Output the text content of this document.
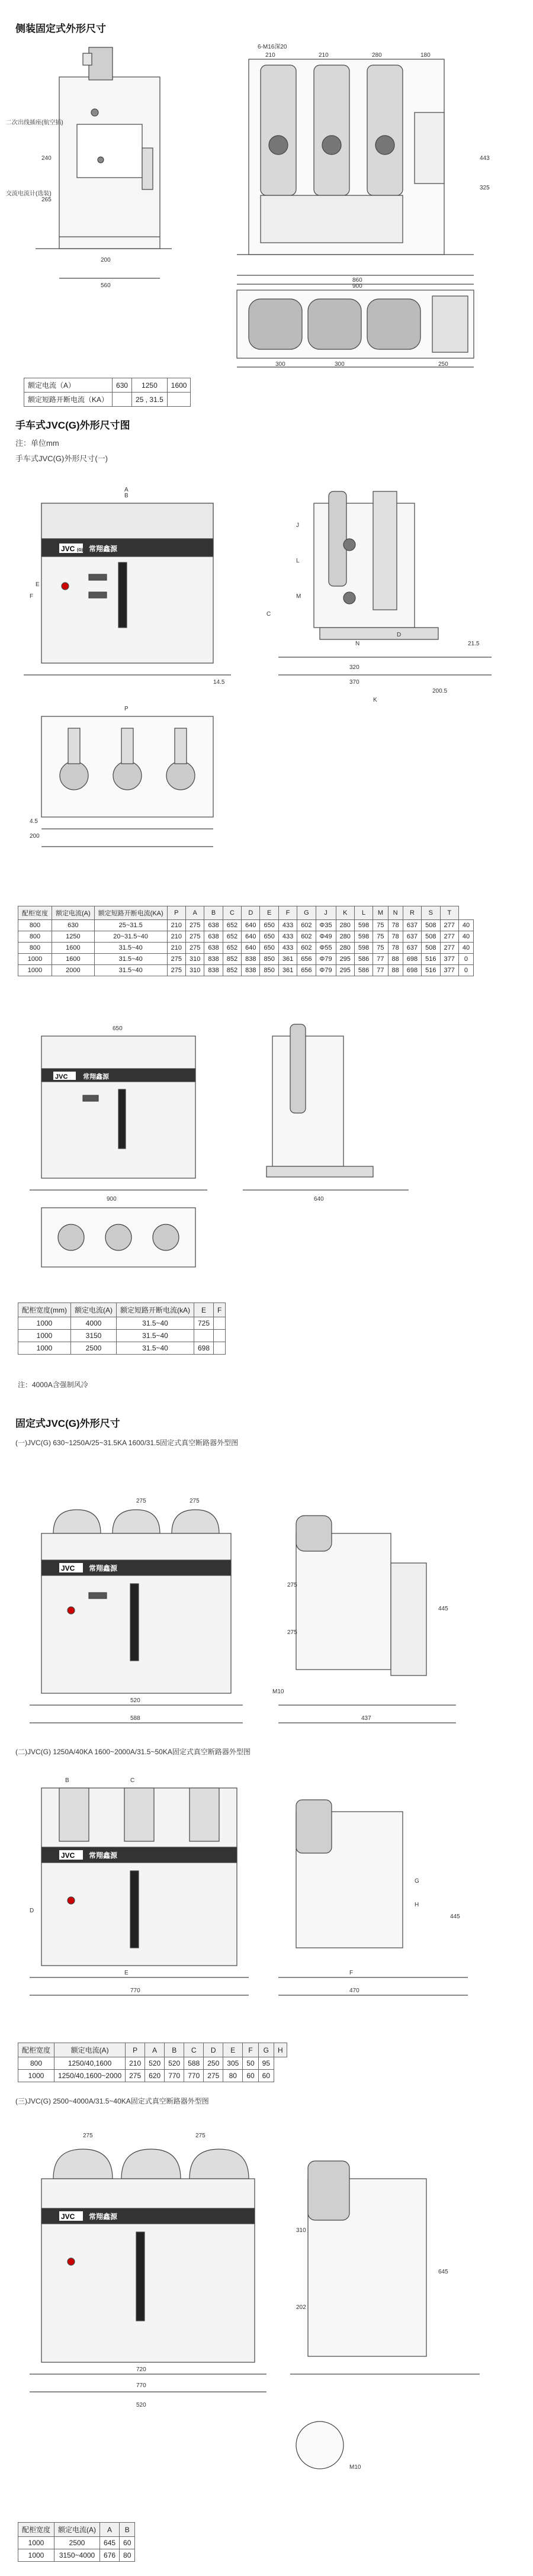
侧装固定式外形尺寸
210	210	280	180
860
900
300	300	250
443
325
200
240
265
560
二次出线插座(航空插)
交流电流计(选装)
6-M16深20
额定电流（A）	630	1250	1600
额定短路开断电流（KA）		25 , 31.5	
手车式JVC(G)外形尺寸图
注：单位mm
手车式JVC(G)外形尺寸(一)
JVC (G) 常翔鑫源
B
A
E
F
J
L
M
N
K
D
C
P
320
370
200.5
14.5
21.5
4.5
200
配柜宽度	额定电流(A)	额定短路开断电流(KA)	P	A	B	C	D	E	F	G	J	K	L	M	N	R	S	T	
800	630	25~31.5	210	275	638	652	640	650	433	602	Φ35	280	598	75	78	637	508	277	40
800	1250	20~31.5~40	210	275	638	652	640	650	433	602	Φ49	280	598	75	78	637	508	277	40
800	1600	31.5~40	210	275	638	652	640	650	433	602	Φ55	280	598	75	78	637	508	277	40
1000	1600	31.5~40	275	310	838	852	838	850	361	656	Φ79	295	586	77	88	698	516	377	0
1000	2000	31.5~40	275	310	838	852	838	850	361	656	Φ79	295	586	77	88	698	516	377	0
JVC 常翔鑫源
650
900	640
配柜宽度(mm)	额定电流(A)	额定短路开断电流(kA)	E	F
1000	4000	31.5~40	725	
1000	3150	31.5~40		
1000	2500	31.5~40	698	
注：4000A含强制风冷
固定式JVC(G)外形尺寸
(一)JVC(G) 630~1250A/25~31.5KA 1600/31.5固定式真空断路器外型图
JVC 常翔鑫源
275	275
520
588
275
275
437
445
M10
(二)JVC(G) 1250A/40KA 1600~2000A/31.5~50KA固定式真空断路器外型图
JVC 常翔鑫源
B	C
D
E	F
G
H
770
445
470
配柜宽度	额定电流(A)	P	A	B	C	D	E	F	G	H
800	1250/40,1600	210	520	520	588	250	305	50	95	
1000	1250/40,1600~2000	275	620	770	770	275	80	60	60	
(三)JVC(G) 2500~4000A/31.5~40KA固定式真空断路器外型图
JVC 常翔鑫源
275	275
770
720
645
520
310
202
M10
配柜宽度	额定电流(A)	A	B
1000	2500	645	60
1000	3150~4000	676	80
